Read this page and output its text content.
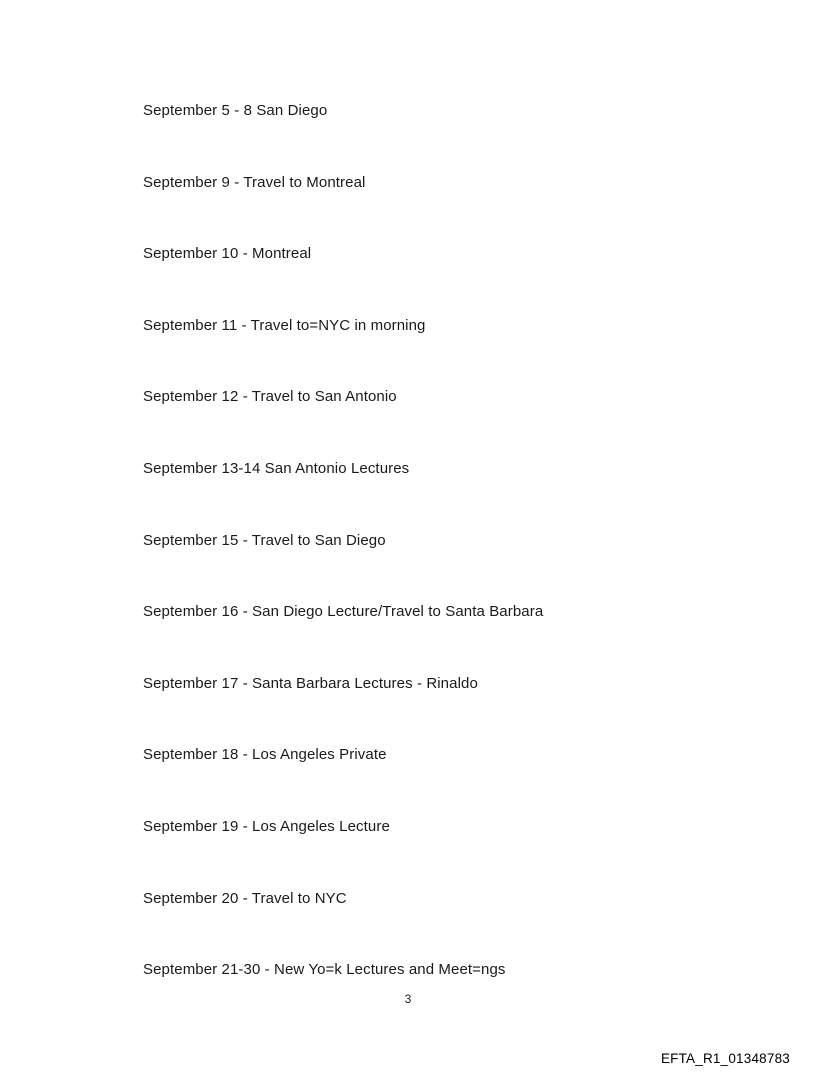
September 5 - 8 San Diego
September 9 - Travel to Montreal
September 10 - Montreal
September 11 - Travel to=NYC in morning
September 12 - Travel to San Antonio
September 13-14 San Antonio Lectures
September 15 - Travel to San Diego
September 16 - San Diego Lecture/Travel to Santa Barbara
September 17 - Santa Barbara Lectures - Rinaldo
September 18 - Los Angeles Private
September 19 - Los Angeles Lecture
September 20 - Travel to NYC
September 21-30 - New Yo=k Lectures and Meet=ngs
3
EFTA_R1_01348783
